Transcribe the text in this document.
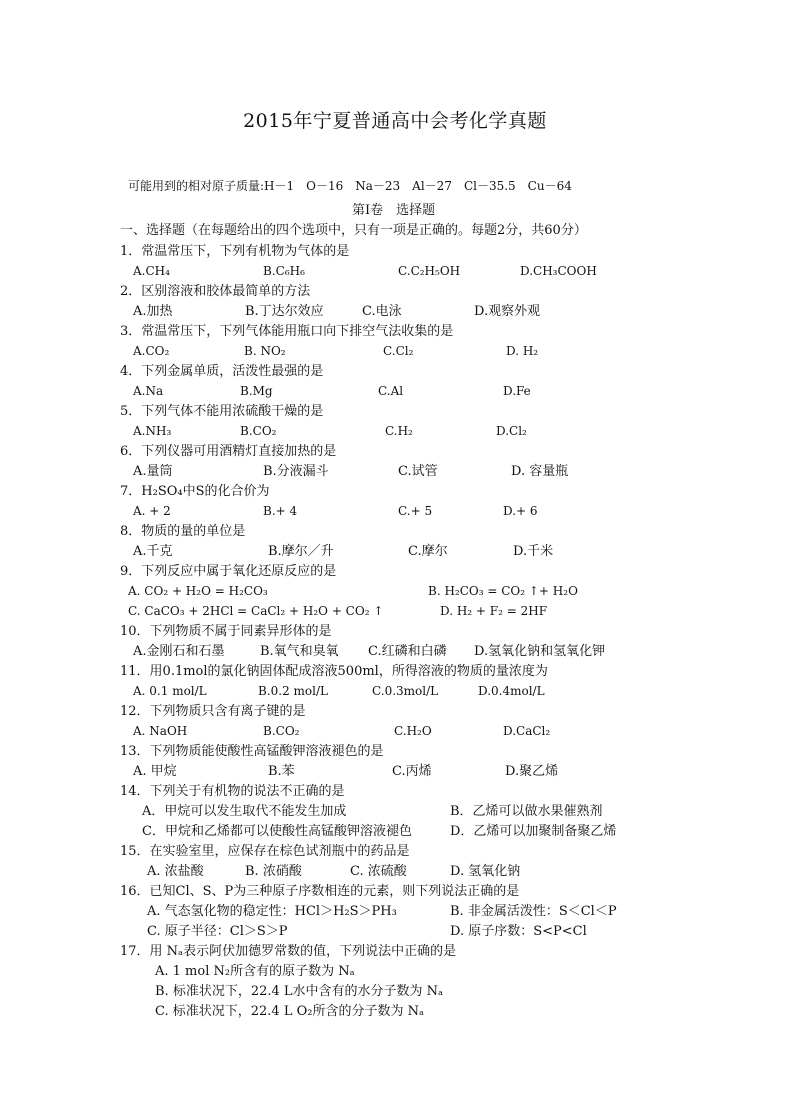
2015年宁夏普通高中会考化学真题
可能用到的相对原子质量:H－1　O－16　Na－23　Al－27　Cl－35.5　Cu－64
第Ⅰ卷　选择题
一、选择题（在每题给出的四个选项中，只有一项是正确的。每题2分，共60分）
1．常温常压下，下列有机物为气体的是
A.CH₄	B.C₆H₆	C.C₂H₅OH	D.CH₃COOH
2．区别溶液和胶体最简单的方法
A.加热	B.丁达尔效应	C.电泳	D.观察外观
3．常温常压下，下列气体能用瓶口向下排空气法收集的是
A.CO₂	B. NO₂	C.Cl₂	D. H₂
4．下列金属单质，活泼性最强的是
A.Na	B.Mg	C.Al	D.Fe
5．下列气体不能用浓硫酸干燥的是
A.NH₃	B.CO₂	C.H₂	D.Cl₂
6．下列仪器可用酒精灯直接加热的是
A.量筒	B.分液漏斗	C.试管	D. 容量瓶
7．H₂SO₄中S的化合价为
A. + 2	B.+ 4	C.+ 5	D.+ 6
8．物质的量的单位是
A.千克	B.摩尔／升	C.摩尔	D.千米
9．下列反应中属于氧化还原反应的是
A. CO₂ + H₂O = H₂CO₃	B. H₂CO₃ = CO₂ ↑+ H₂O
C. CaCO₃ + 2HCl = CaCl₂ + H₂O + CO₂ ↑	D. H₂ + F₂ = 2HF
10．下列物质不属于同素异形体的是
A.金刚石和石墨	B.氧气和臭氧 C.红磷和白磷 D.氢氧化钠和氢氧化钾
11．用0.1mol的氯化钠固体配成溶液500ml，所得溶液的物质的量浓度为
A. 0.1 mol/L	B.0.2 mol/L	C.0.3mol/L	D.0.4mol/L
12．下列物质只含有离子键的是
A. NaOH	B.CO₂	C.H₂O	D.CaCl₂
13．下列物质能使酸性高锰酸钾溶液褪色的是
A. 甲烷	B.苯	C.丙烯	D.聚乙烯
14．下列关于有机物的说法不正确的是
A．甲烷可以发生取代不能发生加成	B．乙烯可以做水果催熟剂
C．甲烷和乙烯都可以使酸性高锰酸钾溶液褪色	D．乙烯可以加聚制备聚乙烯
15．在实验室里，应保存在棕色试剂瓶中的药品是
A. 浓盐酸	B. 浓硝酸	C. 浓硫酸	D. 氢氧化钠
16．已知Cl、S、P为三种原子序数相连的元素，则下列说法正确的是
A. 气态氢化物的稳定性：HCl＞H₂S＞PH₃	B. 非金属活泼性：S＜Cl＜P
C. 原子半径：Cl＞S＞P	D. 原子序数：S<P<Cl
17．用 Nₐ表示阿伏加德罗常数的值，下列说法中正确的是
A. 1 mol N₂所含有的原子数为 Nₐ
B. 标准状况下，22.4 L水中含有的水分子数为 Nₐ
C. 标准状况下，22.4 L O₂所含的分子数为 Nₐ
